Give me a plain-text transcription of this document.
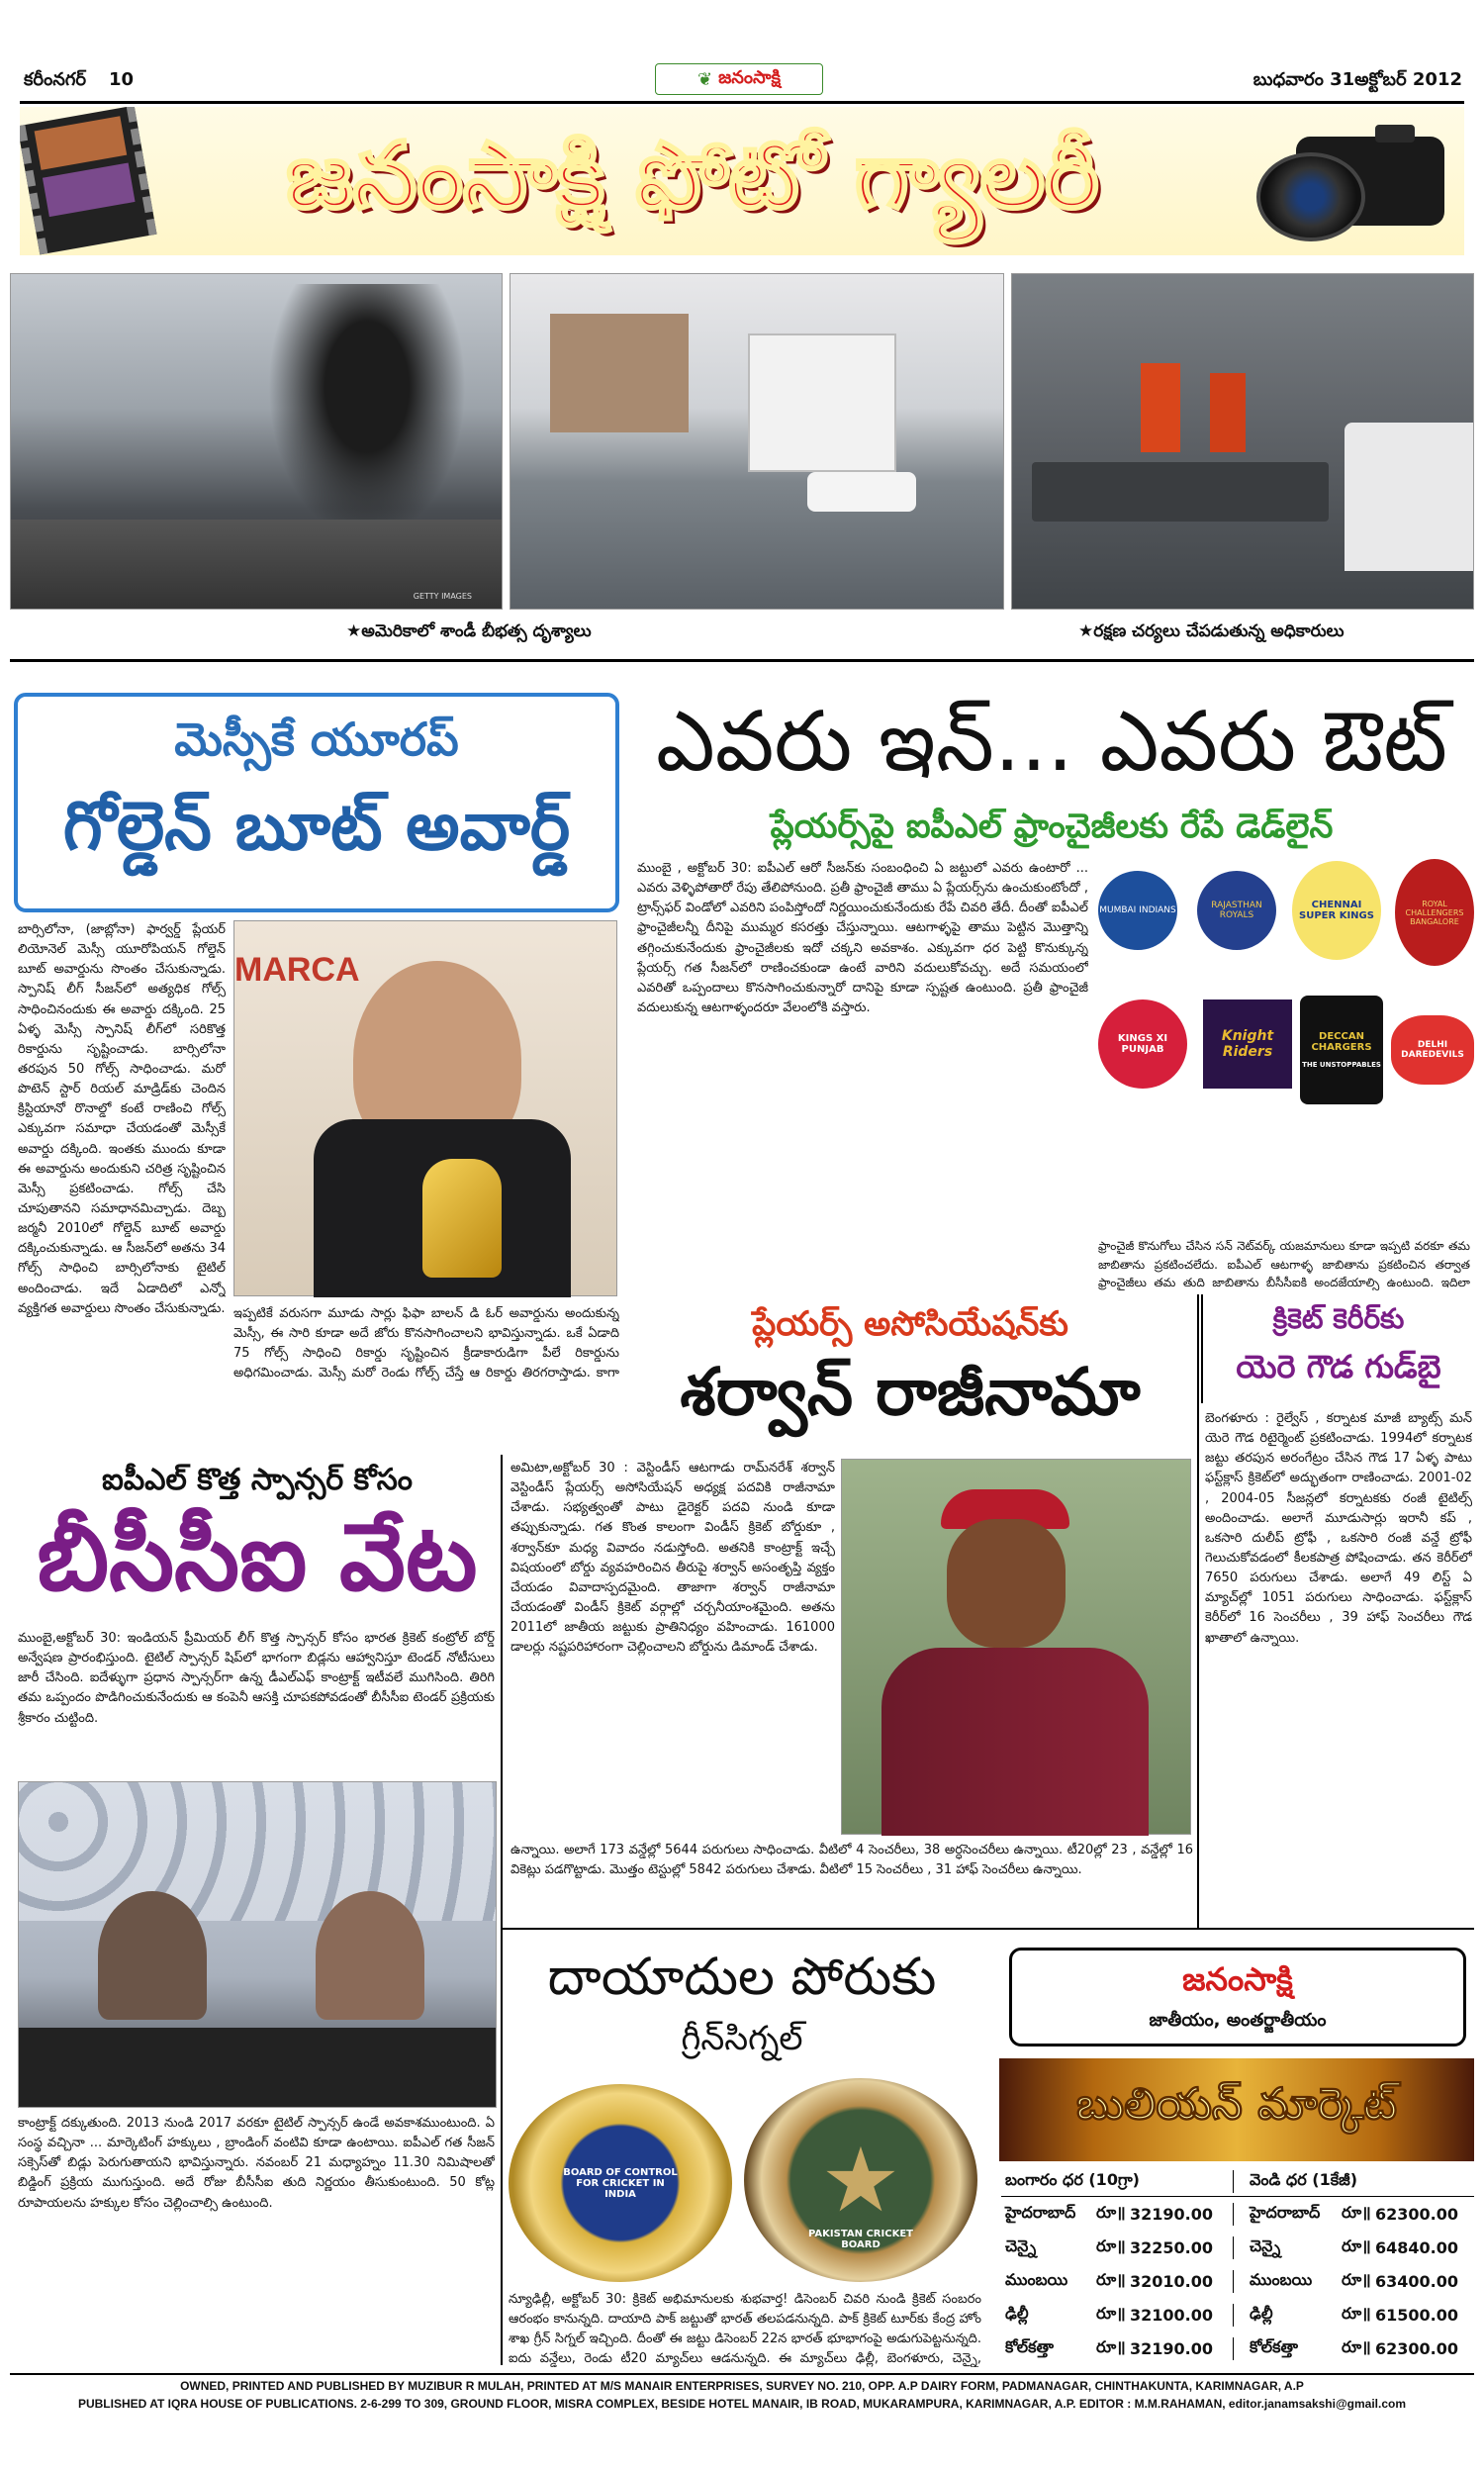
కరీంనగర్ 10	❦ జనంసాక్షి	బుధవారం 31అక్టోబర్ 2012
జనంసాక్షి ఫోటో గ్యాలరీ
GETTY IMAGES
★అమెరికాలో శాండీ బీభత్స దృశ్యాలు	★రక్షణ చర్యలు చేపడుతున్న అధికారులు
మెస్సీకే యూరప్
గోల్డెన్ బూట్ అవార్డ్
బార్సిలోనా, (జాబ్లోనా) ఫార్వర్డ్ ప్లేయర్ లియోనెల్ మెస్సీ యూరోపియన్ గోల్డెన్ బూట్ అవార్డును సొంతం చేసుకున్నాడు. స్పానిష్ లీగ్ సీజన్‌లో అత్యధిక గోల్స్ సాధించినందుకు ఈ అవార్డు దక్కింది. 25 ఏళ్ళ మెస్సీ స్పానిష్ లీగ్‌లో సరికొత్త రికార్డును సృష్టించాడు. బార్సిలోనా తరపున 50 గోల్స్ సాధించాడు. మరో పొటెన్ స్టార్ రియల్ మాడ్రిడ్‌కు చెందిన క్రిస్టియానో రొనాల్డో కంటే రాణించి గోల్స్ ఎక్కువగా సమాధా చేయడంతో మెస్సీకే అవార్డు దక్కింది. ఇంతకు ముందు కూడా ఈ అవార్డును అందుకుని చరిత్ర సృష్టించిన మెస్సీ ప్రకటించాడు. గోల్స్ చేసి చూపుతానని సమాధానమిచ్చాడు. దెబ్బ జర్మనీ 2010లో గోల్డెన్ బూట్ అవార్డు దక్కించుకున్నాడు. ఆ సీజన్‌లో అతను 34 గోల్స్ సాధించి బార్సిలోనాకు టైటిల్ అందించాడు. ఇదే ఏడాదిలో ఎన్నో వ్యక్తిగత అవార్డులు సొంతం చేసుకున్నాడు.
MARCA
ఇప్పటికే వరుసగా మూడు సార్లు ఫిఫా బాలన్ డి ఓర్ అవార్డును అందుకున్న మెస్సీ, ఈ సారి కూడా అదే జోరు కొనసాగించాలని భావిస్తున్నాడు. ఒకే ఏడాది 75 గోల్స్ సాధించి రికార్డు సృష్టించిన క్రీడాకారుడిగా పీలే రికార్డును అధిగమించాడు. మెస్సీ మరో రెండు గోల్స్ చేస్తే ఆ రికార్డు తిరగరాస్తాడు. కాగా
ఎవరు ఇన్... ఎవరు ఔట్
ప్లేయర్స్‌పై ఐపీఎల్ ఫ్రాంచైజీలకు రేపే డెడ్‌లైన్
ముంబై , అక్టోబర్ 30: ఐపీఎల్ ఆరో సీజన్‌కు సంబంధించి ఏ జట్టులో ఎవరు ఉంటారో ... ఎవరు వెళ్ళిపోతారో రేపు తేలిపోనుంది. ప్రతీ ఫ్రాంచైజీ తాము ఏ ప్లేయర్స్‌ను ఉంచుకుంటోందో , ట్రాన్స్‌ఫర్ విండోలో ఎవరిని పంపిస్తోందో నిర్ణయించుకునేందుకు రేపే చివరి తేదీ. దీంతో ఐపీఎల్ ఫ్రాంచైజీలన్నీ దీనిపై ముమ్మర కసరత్తు చేస్తున్నాయి. ఆటగాళ్ళపై తాము పెట్టిన మొత్తాన్ని తగ్గించుకునేందుకు ఫ్రాంచైజీలకు ఇదో చక్కని అవకాశం. ఎక్కువగా ధర పెట్టి కొనుక్కున్న ప్లేయర్స్ గత సీజన్‌లో రాణించకుండా ఉంటే వారిని వదులుకోవచ్చు. అదే సమయంలో ఎవరితో ఒప్పందాలు కొనసాగించుకున్నారో దానిపై కూడా స్పష్టత ఉంటుంది. ప్రతీ ఫ్రాంచైజీ వదులుకున్న ఆటగాళ్ళందరూ వేలంలోకి వస్తారు.
MUMBAI INDIANS	RAJASTHAN ROYALS
CHENNAI SUPER KINGS
ROYAL CHALLENGERS BANGALORE
KINGS XI PUNJAB
Knight Riders
DECCAN CHARGERS
THE UNSTOPPABLES
DELHI DAREDEVILS
ఫ్రాంచైజీ కొనుగోలు చేసిన సన్ నెట్‌వర్క్ యజమానులు కూడా ఇప్పటి వరకూ తమ జాబితాను ప్రకటించలేదు. ఐపీఎల్ ఆటగాళ్ళ జాబితాను ప్రకటించిన తర్వాత ఫ్రాంచైజీలు తమ తుది జాబితాను బీసీసీఐకి అందజేయాల్సి ఉంటుంది. ఇదిలా
ప్లేయర్స్ అసోసియేషన్‌కు
శర్వాన్ రాజీనామా
క్రికెట్ కెరీర్‌కు
యెరె గౌడ గుడ్‌బై
బెంగళూరు : రైల్వేస్ , కర్నాటక మాజీ బ్యాట్స్ మన్ యెరె గౌడ రిటైర్మెంట్ ప్రకటించాడు. 1994లో కర్నాటక జట్టు తరపున అరంగేట్రం చేసిన గౌడ 17 ఏళ్ళ పాటు ఫస్ట్‌క్లాస్ క్రికెట్‌లో అద్భుతంగా రాణించాడు. 2001-02 , 2004-05 సీజన్లలో కర్నాటకకు రంజీ టైటిల్స్ అందించాడు. అలాగే మూడుసార్లు ఇరానీ కప్ , ఒకసారి దులీప్ ట్రోఫీ , ఒకసారి రంజీ వన్డే ట్రోఫీ గెలుచుకోవడంలో కీలకపాత్ర పోషించాడు. తన కెరీర్‌లో 7650 పరుగులు చేశాడు. అలాగే 49 లిస్ట్ ఏ మ్యాచ్‌ల్లో 1051 పరుగులు సాధించాడు. ఫస్ట్‌క్లాస్ కెరీర్‌లో 16 సెంచరీలు , 39 హాఫ్ సెంచరీలు గౌడ ఖాతాలో ఉన్నాయి.
ఐపీఎల్ కొత్త స్పాన్సర్ కోసం
బీసీసీఐ వేట
ముంబై,అక్టోబర్ 30: ఇండియన్ ప్రీమియర్ లీగ్ కొత్త స్పాన్సర్ కోసం భారత క్రికెట్ కంట్రోల్ బోర్డ్ అన్వేషణ ప్రారంభిస్తుంది. టైటిల్ స్పాన్సర్ షిప్‌లో భాగంగా బిడ్లను ఆహ్వానిస్తూ టెండర్ నోటీసులు జారీ చేసింది. ఐదేళ్ళుగా ప్రధాన స్పాన్సర్‌గా ఉన్న డీఎల్‌ఎఫ్ కాంట్రాక్ట్ ఇటీవలే ముగిసింది. తిరిగి తమ ఒప్పందం పొడిగించుకునేందుకు ఆ కంపెనీ ఆసక్తి చూపకపోవడంతో బీసీసీఐ టెండర్ ప్రక్రియకు శ్రీకారం చుట్టింది.
కాంట్రాక్ట్ దక్కుతుంది. 2013 నుండి 2017 వరకూ టైటిల్ స్పాన్సర్ ఉండే అవకాశముంటుంది. ఏ సంస్థ వచ్చినా ... మార్కెటింగ్ హక్కులు , బ్రాండింగ్ వంటివి కూడా ఉంటాయి. ఐపీఎల్ గత సీజన్ సక్సెస్‌తో బిడ్లు పెరుగుతాయని భావిస్తున్నారు. నవంబర్ 21 మధ్యాహ్నం 11.30 నిమిషాలతో బిడ్డింగ్ ప్రక్రియ ముగుస్తుంది. అదే రోజు బీసీసీఐ తుది నిర్ణయం తీసుకుంటుంది. 50 కోట్ల రూపాయలను హక్కుల కోసం చెల్లించాల్సి ఉంటుంది.
అమిటా,అక్టోబర్ 30 : వెస్టిండీస్ ఆటగాడు రామ్‌నరేశ్ శర్వాన్ వెస్టిండీస్ ప్లేయర్స్ అసోసియేషన్ అధ్యక్ష పదవికి రాజీనామా చేశాడు. సభ్యత్వంతో పాటు డైరెక్టర్ పదవి నుండి కూడా తప్పుకున్నాడు. గత కొంత కాలంగా విండీస్ క్రికెట్ బోర్డుకూ , శర్వాన్‌కూ మధ్య వివాదం నడుస్తోంది. అతనికి కాంట్రాక్ట్ ఇచ్చే విషయంలో బోర్డు వ్యవహరించిన తీరుపై శర్వాన్ అసంతృప్తి వ్యక్తం చేయడం వివాదాస్పదమైంది. తాజాగా శర్వాన్ రాజీనామా చేయడంతో విండీస్ క్రికెట్ వర్గాల్లో చర్చనీయాంశమైంది. అతను 2011లో జాతీయ జట్టుకు ప్రాతినిధ్యం వహించాడు. 161000 డాలర్లు నష్టపరిహారంగా చెల్లించాలని బోర్డును డిమాండ్ చేశాడు.
ఉన్నాయి. అలాగే 173 వన్డేల్లో 5644 పరుగులు సాధించాడు. వీటిలో 4 సెంచరీలు, 38 అర్ధసెంచరీలు ఉన్నాయి. టీ20ల్లో 23 , వన్డేల్లో 16 వికెట్లు పడగొట్టాడు. మొత్తం టెస్టుల్లో 5842 పరుగులు చేశాడు. వీటిలో 15 సెంచరీలు , 31 హాఫ్ సెంచరీలు ఉన్నాయి.
దాయాదుల పోరుకు
గ్రీన్‌సిగ్నల్
BOARD OF CONTROL FOR CRICKET IN INDIA	★
PAKISTAN CRICKET BOARD
న్యూఢిల్లీ, అక్టోబర్ 30: క్రికెట్ అభిమానులకు శుభవార్త! డిసెంబర్ చివరి నుండి క్రికెట్ సంబరం ఆరంభం కానున్నది. దాయాది పాక్ జట్టుతో భారత్ తలపడనున్నది. పాక్ క్రికెట్ టూర్‌కు కేంద్ర హోం శాఖ గ్రీన్ సిగ్నల్ ఇచ్చింది. దీంతో ఈ జట్టు డిసెంబర్ 22న భారత్ భూభాగంపై అడుగుపెట్టనున్నది. ఐదు వన్డేలు, రెండు టీ20 మ్యాచ్‌లు ఆడనున్నది. ఈ మ్యాచ్‌లు ఢిల్లీ, బెంగళూరు, చెన్నై,
జనంసాక్షి
జాతీయం, అంతర్జాతీయం
బులియన్ మార్కెట్
బంగారం ధర (10గ్రా)	వెండి ధర (1కేజీ)
హైదరాబాద్	రూ॥ 32190.00	హైదరాబాద్	రూ॥ 62300.00
చెన్నై	రూ॥ 32250.00	చెన్నై	రూ॥ 64840.00
ముంబయి	రూ॥ 32010.00	ముంబయి	రూ॥ 63400.00
ఢిల్లీ	రూ॥ 32100.00	ఢిల్లీ	రూ॥ 61500.00
కోల్‌కత్తా	రూ॥ 32190.00	కోల్‌కత్తా	రూ॥ 62300.00
OWNED, PRINTED AND PUBLISHED BY MUZIBUR R MULAH, PRINTED AT M/S MANAIR ENTERPRISES, SURVEY NO. 210, OPP. A.P DAIRY FORM, PADMANAGAR, CHINTHAKUNTA, KARIMNAGAR, A.P
PUBLISHED AT IQRA HOUSE OF PUBLICATIONS. 2-6-299 TO 309, GROUND FLOOR, MISRA COMPLEX, BESIDE HOTEL MANAIR, IB ROAD, MUKARAMPURA, KARIMNAGAR, A.P. EDITOR : M.M.RAHAMAN, editor.janamsakshi@gmail.com
